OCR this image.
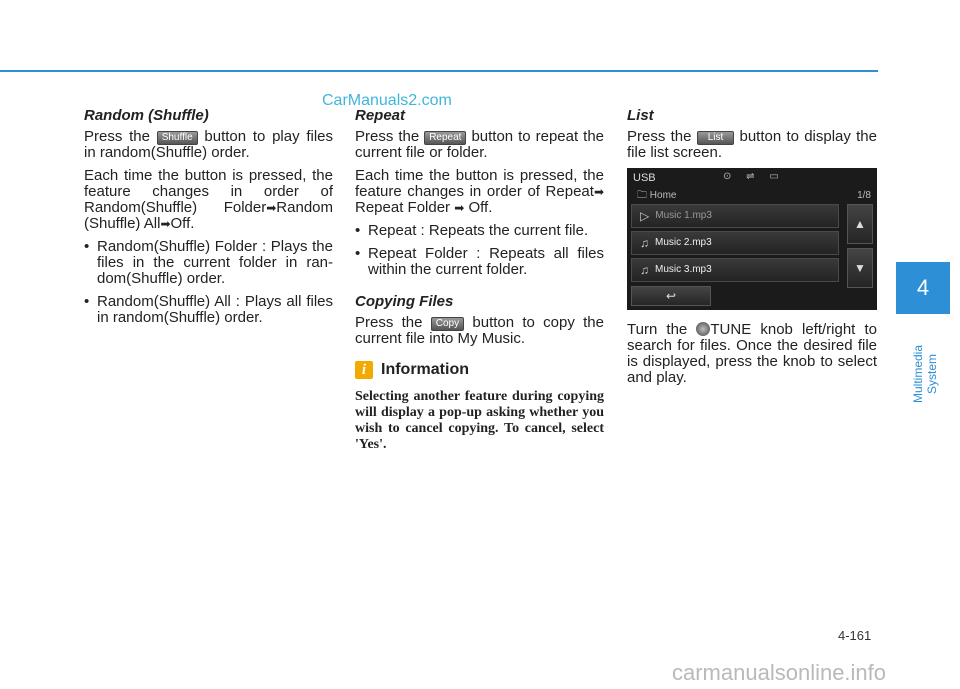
CarManuals2.com
Random (Shuffle)

Press the Shuffle button to play files in random(Shuffle) order.

Each time the button is pressed, the feature changes in order of Random(Shuffle) Folder➡Random (Shuffle) All➡Off.

• Random(Shuffle) Folder : Plays the files in the current folder in ran-dom(Shuffle) order.
• Random(Shuffle) All : Plays all files in random(Shuffle) order.
Repeat

Press the Repeat button to repeat the current file or folder.

Each time the button is pressed, the feature changes in order of Repeat➡ Repeat Folder ➡ Off.

• Repeat : Repeats the current file.
• Repeat Folder : Repeats all files within the current folder.
Copying Files

Press the Copy button to copy the current file into My Music.

i Information
Selecting another feature during copying will display a pop-up asking whether you wish to cancel copying. To cancel, select 'Yes'.
List

Press the List button to display the file list screen.

USB	⊙ ⇌ ▭
🗀 Home	1/8
▷ Music 1.mp3
♫ Music 2.mp3
♫ Music 3.mp3
▲
▼
↩

Turn the TUNE knob left/right to search for files. Once the desired file is displayed, press the knob to select and play.

4
Multimedia System
4-161
carmanualsonline.info
